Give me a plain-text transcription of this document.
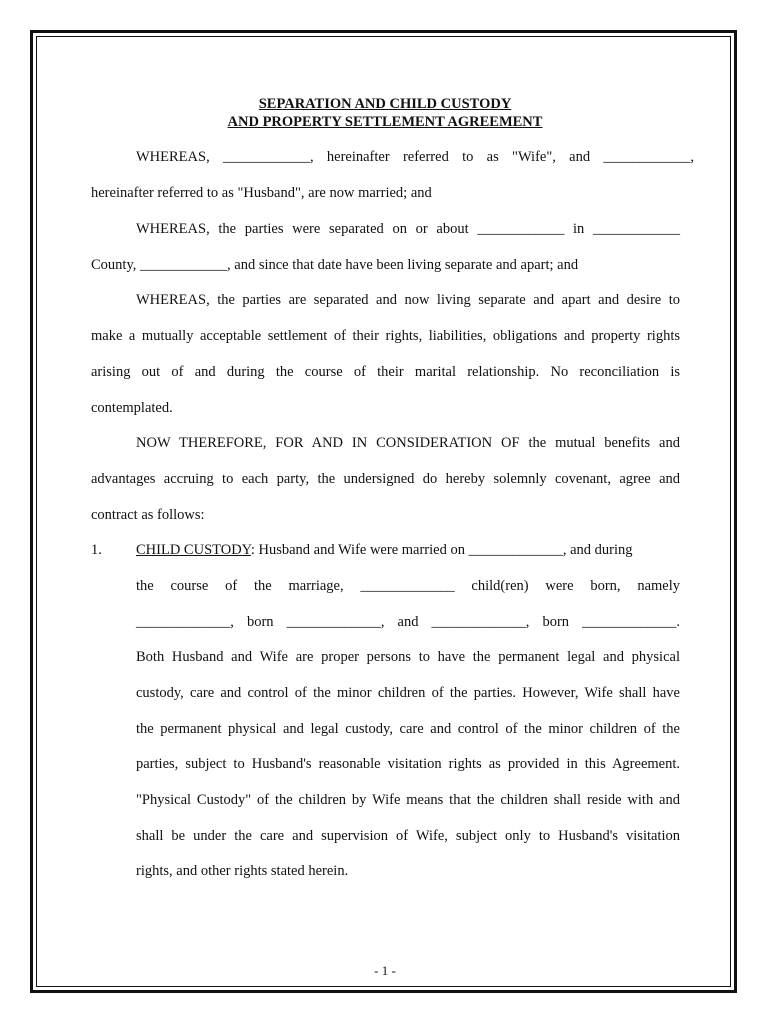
SEPARATION AND CHILD CUSTODY
AND PROPERTY SETTLEMENT AGREEMENT
WHEREAS, ____________, hereinafter referred to as "Wife", and ____________,
hereinafter referred to as "Husband", are now married; and
WHEREAS, the parties were separated on or about ____________ in ____________
County, ____________, and since that date have been living separate and apart; and
WHEREAS, the parties are separated and now living separate and apart and desire to
make a mutually acceptable settlement of their rights, liabilities, obligations and property rights
arising out of and during the course of their marital relationship. No reconciliation is
contemplated.
NOW THEREFORE, FOR AND IN CONSIDERATION OF the mutual benefits and
advantages accruing to each party, the undersigned do hereby solemnly covenant, agree and
contract as follows:
1. CHILD CUSTODY: Husband and Wife were married on _____________, and during
the course of the marriage, _____________ child(ren) were born, namely
_____________, born _____________, and _____________, born _____________.
Both Husband and Wife are proper persons to have the permanent legal and physical
custody, care and control of the minor children of the parties. However, Wife shall have
the permanent physical and legal custody, care and control of the minor children of the
parties, subject to Husband's reasonable visitation rights as provided in this Agreement.
"Physical Custody" of the children by Wife means that the children shall reside with and
shall be under the care and supervision of Wife, subject only to Husband's visitation
rights, and other rights stated herein.
- 1 -
